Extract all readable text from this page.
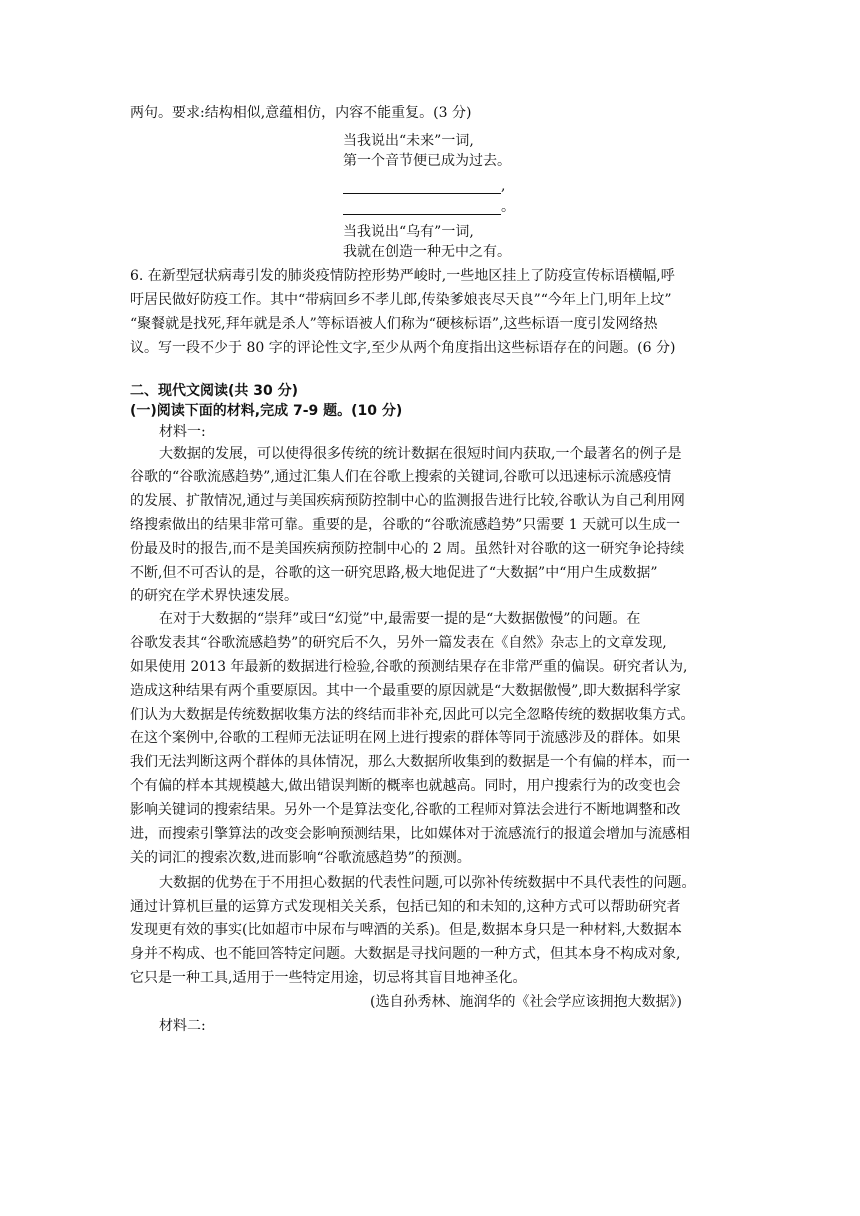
两句。要求:结构相似,意蕴相仿，内容不能重复。(3 分)
当我说出“未来”一词,
第一个音节便已成为过去。
,
。
当我说出“乌有”一词,
我就在创造一种无中之有。
6. 在新型冠状病毒引发的肺炎疫情防控形势严峻时,一些地区挂上了防疫宣传标语横幅,呼
吁居民做好防疫工作。其中“带病回乡不孝儿郎,传染爹娘丧尽天良”“今年上门,明年上坟”
“聚餐就是找死,拜年就是杀人”等标语被人们称为“硬核标语”,这些标语一度引发网络热
议。写一段不少于 80 字的评论性文字,至少从两个角度指出这些标语存在的问题。(6 分)
二、现代文阅读(共 30 分)
(一)阅读下面的材料,完成 7-9 题。(10 分)
材料一:
大数据的发展，可以使得很多传统的统计数据在很短时间内获取,一个最著名的例子是
谷歌的“谷歌流感趋势”,通过汇集人们在谷歌上搜索的关键词,谷歌可以迅速标示流感疫情
的发展、扩散情况,通过与美国疾病预防控制中心的监测报告进行比较,谷歌认为自己利用网
络搜索做出的结果非常可靠。重要的是，谷歌的“谷歌流感趋势”只需要 1 天就可以生成一
份最及时的报告,而不是美国疾病预防控制中心的 2 周。虽然针对谷歌的这一研究争论持续
不断,但不可否认的是，谷歌的这一研究思路,极大地促进了“大数据”中“用户生成数据”
的研究在学术界快速发展。
在对于大数据的“崇拜”或曰“幻觉”中,最需要一提的是“大数据傲慢”的问题。在
谷歌发表其“谷歌流感趋势”的研究后不久，另外一篇发表在《自然》杂志上的文章发现,
如果使用 2013 年最新的数据进行检验,谷歌的预测结果存在非常严重的偏误。研究者认为,
造成这种结果有两个重要原因。其中一个最重要的原因就是“大数据傲慢”,即大数据科学家
们认为大数据是传统数据收集方法的终结而非补充,因此可以完全忽略传统的数据收集方式。
在这个案例中,谷歌的工程师无法证明在网上进行搜索的群体等同于流感涉及的群体。如果
我们无法判断这两个群体的具体情况，那么大数据所收集到的数据是一个有偏的样本，而一
个有偏的样本其规模越大,做出错误判断的概率也就越高。同时，用户搜索行为的改变也会
影响关键词的搜索结果。另外一个是算法变化,谷歌的工程师对算法会进行不断地调整和改
进，而搜索引擎算法的改变会影响预测结果，比如媒体对于流感流行的报道会增加与流感相
关的词汇的搜索次数,进而影响“谷歌流感趋势”的预测。
大数据的优势在于不用担心数据的代表性问题,可以弥补传统数据中不具代表性的问题。
通过计算机巨量的运算方式发现相关关系，包括已知的和未知的,这种方式可以帮助研究者
发现更有效的事实(比如超市中尿布与啤酒的关系)。但是,数据本身只是一种材料,大数据本
身并不构成、也不能回答特定问题。大数据是寻找问题的一种方式，但其本身不构成对象,
它只是一种工具,适用于一些特定用途，切忌将其盲目地神圣化。
(选自孙秀林、施润华的《社会学应该拥抱大数据》)
材料二:
